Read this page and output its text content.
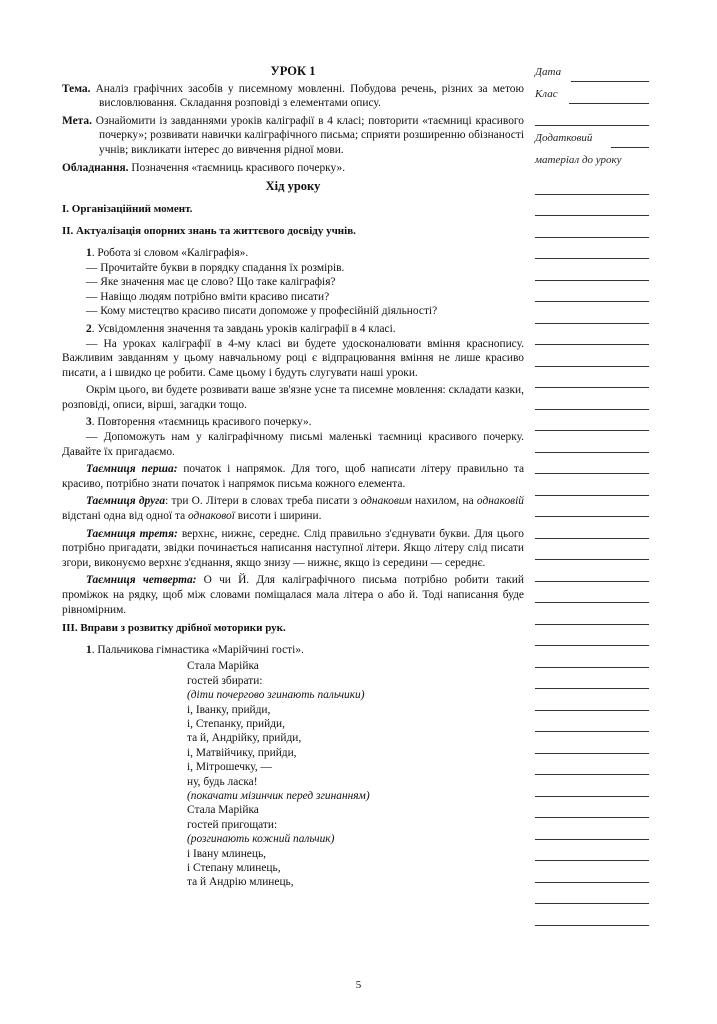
УРОК 1
Тема. Аналіз графічних засобів у писемному мовленні. Побудова речень, різних за метою висловлювання. Складання розповіді з елементами опису.
Мета. Ознайомити із завданнями уроків каліграфії в 4 класі; повторити «таємниці красивого почерку»; розвивати навички каліграфічного письма; сприяти розширенню обізнаності учнів; викликати інтерес до вивчення рідної мови.
Обладнання. Позначення «таємниць красивого почерку».
Хід уроку
I. Організаційний момент.
II. Актуалізація опорних знань та життєвого досвіду учнів.
1. Робота зі словом «Каліграфія».
— Прочитайте букви в порядку спадання їх розмірів.
— Яке значення має це слово? Що таке каліграфія?
— Навіщо людям потрібно вміти красиво писати?
— Кому мистецтво красиво писати допоможе у професійній діяльності?
2. Усвідомлення значення та завдань уроків каліграфії в 4 класі.
— На уроках каліграфії в 4-му класі ви будете удосконалювати вміння краснопису. Важливим завданням у цьому навчальному році є відпрацювання вміння не лише красиво писати, а і швидко це робити. Саме цьому і будуть слугувати наші уроки.
Окрім цього, ви будете розвивати ваше зв'язне усне та писемне мовлення: складати казки, розповіді, описи, вірші, загадки тощо.
3. Повторення «таємниць красивого почерку».
— Допоможуть нам у каліграфічному письмі маленькі таємниці красивого почерку. Давайте їх пригадаємо.
Таємниця перша: початок і напрямок. Для того, щоб написати літеру правильно та красиво, потрібно знати початок і напрямок письма кожного елемента.
Таємниця друга: три О. Літери в словах треба писати з однаковим нахилом, на однаковій відстані одна від одної та однакової висоти і ширини.
Таємниця третя: верхнє, нижнє, середнє. Слід правильно з'єднувати букви. Для цього потрібно пригадати, звідки починається написання наступної літери. Якщо літеру слід писати згори, виконуємо верхнє з'єднання, якщо знизу — нижнє, якщо із середини — середнє.
Таємниця четверта: О чи Й. Для каліграфічного письма потрібно робити такий проміжок на рядку, щоб між словами поміщалася мала літера о або й. Тоді написання буде рівномірним.
III. Вправи з розвитку дрібної моторики рук.
1. Пальчикова гімнастика «Марійчині гості».
Стала Марійка
гостей збирати:
(діти почергово згинають пальчики)
і, Іванку, прийди,
і, Степанку, прийди,
та й, Андрійку, прийди,
і, Матвійчику, прийди,
і, Мітрошечку, —
ну, будь ласка!
(покачати мізинчик перед згинанням)
Стала Марійка
гостей пригощати:
(розгинають кожний пальчик)
і Івану млинець,
і Степану млинець,
та й Андрію млинець,
Дата
Клас
Додатковий
матеріал до уроку
5
